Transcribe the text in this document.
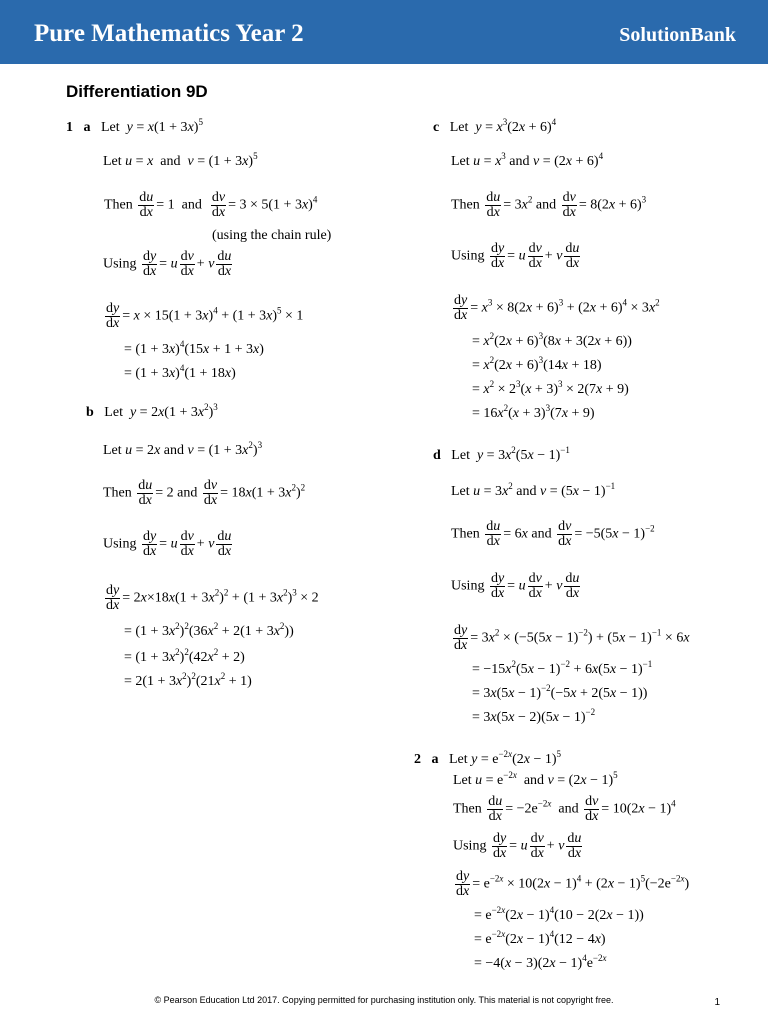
Pure Mathematics Year 2	SolutionBank
Differentiation 9D
1 a   Let  $y = x(1 + 3x)^5$
Let u = x  and  $v = (1 + 3x)^5$
Then $\frac{du}{dx} = 1$  and $\frac{dv}{dx} = 3 \times 5(1 + 3x)^4$
(using the chain rule)
Using $\frac{dy}{dx} = u \frac{dv}{dx} + v \frac{du}{dx}$
$\frac{dy}{dx} = x \times 15(1 + 3x)^4 + (1 + 3x)^5 \times 1$
= $(1 + 3x)^4(15x + 1 + 3x)$
= $(1 + 3x)^4(1 + 18x)$
b   Let  $y = 2x(1 + 3x^2)^3$
Let u = 2x and $v = (1 + 3x^2)^3$
Then $\frac{du}{dx} = 2$ and $\frac{dv}{dx} = 18x(1 + 3x^2)^2$
Using $\frac{dy}{dx} = u \frac{dv}{dx} + v \frac{du}{dx}$
$\frac{dy}{dx} = 2x\times 18x(1 + 3x^2)^2 + (1 + 3x^2)^3 \times 2$
= $(1 + 3x^2)^2(36x^2 + 2(1 + 3x^2))$
= $(1 + 3x^2)^2(42x^2 + 2)$
= $2(1 + 3x^2)^2(21x^2 + 1)$
c   Let  $y = x^3(2x + 6)^4$
Let $u = x^3$ and $v = (2x + 6)^4$
Then $\frac{du}{dx} = 3x^2$ and $\frac{dv}{dx} = 8(2x + 6)^3$
Using $\frac{dy}{dx} = u \frac{dv}{dx} + v \frac{du}{dx}$
$\frac{dy}{dx} = x^3 \times 8(2x + 6)^3 + (2x + 6)^4 \times 3x^2$
= $x^2(2x + 6)^3(8x + 3(2x + 6))$
= $x^2(2x + 6)^3(14x + 18)$
= $x^2 \times 2^3(x + 3)^3 \times 2(7x + 9)$
= $16x^2(x + 3)^3(7x + 9)$
d   Let  $y = 3x^2(5x - 1)^{-1}$
Let $u = 3x^2$ and $v = (5x - 1)^{-1}$
Then $\frac{du}{dx} = 6x$ and $\frac{dv}{dx} = -5(5x - 1)^{-2}$
Using $\frac{dy}{dx} = u \frac{dv}{dx} + v \frac{du}{dx}$
$\frac{dy}{dx} = 3x^2 \times (-5(5x - 1)^{-2}) + (5x - 1)^{-1} \times 6x$
= $-15x^2(5x - 1)^{-2} + 6x(5x - 1)^{-1}$
= $3x(5x - 1)^{-2}(-5x + 2(5x - 1))$
= $3x(5x - 2)(5x - 1)^{-2}$
2 a   Let $y = e^{-2x}(2x - 1)^5$
Let $u = e^{-2x}$  and $v = (2x - 1)^5$
Then $\frac{du}{dx} = -2e^{-2x}$  and $\frac{dv}{dx} = 10(2x - 1)^4$
Using $\frac{dy}{dx} = u \frac{dv}{dx} + v \frac{du}{dx}$
$\frac{dy}{dx} = e^{-2x} \times 10(2x - 1)^4 + (2x - 1)^5(-2e^{-2x})$
= $e^{-2x}(2x - 1)^4(10 - 2(2x - 1))$
= $e^{-2x}(2x - 1)^4(12 - 4x)$
= $-4(x - 3)(2x - 1)^4e^{-2x}$
© Pearson Education Ltd 2017. Copying permitted for purchasing institution only. This material is not copyright free.	1
